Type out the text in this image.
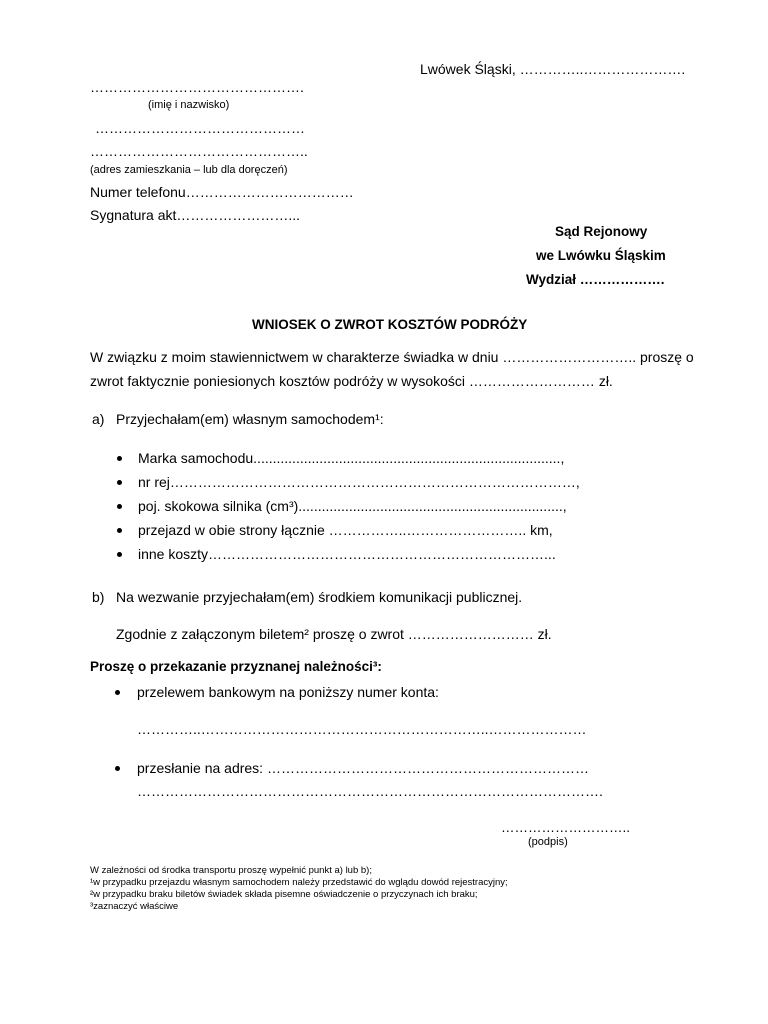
Lwówek Śląski, …………..………………….
……………………………………….
(imię i nazwisko)
………………………………………
………………………………………..
(adres zamieszkania – lub dla doręczeń)
Numer telefonu………………………………
Sygnatura akt……………………...
Sąd Rejonowy
we Lwówku Śląskim
Wydział ……………….
WNIOSEK O ZWROT KOSZTÓW PODRÓŻY
W związku z moim stawiennictwem w charakterze świadka w dniu ……………………….. proszę o
zwrot faktycznie poniesionych kosztów podróży w wysokości ……………………… zł.
a) Przyjechałam(em) własnym samochodem¹:
Marka samochodu...............................................................................,
nr rej……………………………………………………………………………,
poj. skokowa silnika (cm³)....................................................................,
przejazd w obie strony łącznie ……………..…………………….. km,
inne koszty………………………………………………………………...
b) Na wezwanie przyjechałam(em) środkiem komunikacji publicznej.
Zgodnie z załączonym biletem² proszę o zwrot ……………………… zł.
Proszę o przekazanie przyznanej należności³:
przelewem bankowym na poniższy numer konta:
…………..……………………………………………………..…………………
przesłanie na adres: ……………………………………………………………
……………………………………………………………………………………….
………………………..
(podpis)
W zależności od środka transportu proszę wypełnić punkt a) lub b);
¹w przypadku przejazdu własnym samochodem należy przedstawić do wglądu dowód rejestracyjny;
²w przypadku braku biletów świadek składa pisemne oświadczenie o przyczynach ich braku;
³zaznaczyć właściwe
